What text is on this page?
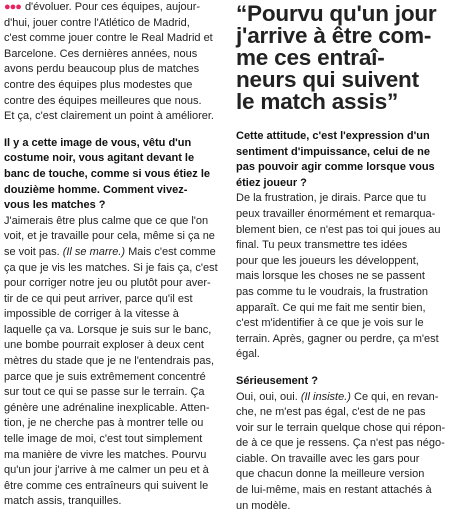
●●● d'évoluer. Pour ces équipes, aujour-
d'hui, jouer contre l'Atlético de Madrid,
c'est comme jouer contre le Real Madrid et
Barcelone. Ces dernières années, nous
avons perdu beaucoup plus de matches
contre des équipes plus modestes que
contre des équipes meilleures que nous.
Et ça, c'est clairement un point à améliorer.

Il y a cette image de vous, vêtu d'un
costume noir, vous agitant devant le
banc de touche, comme si vous étiez le
douzième homme. Comment vivez-
vous les matches ?

J'aimerais être plus calme que ce que l'on
voit, et je travaille pour cela, même si ça ne
se voit pas. (Il se marre.) Mais c'est comme
ça que je vis les matches. Si je fais ça, c'est
pour corriger notre jeu ou plutôt pour aver-
tir de ce qui peut arriver, parce qu'il est
impossible de corriger à la vitesse à
laquelle ça va. Lorsque je suis sur le banc,
une bombe pourrait exploser à deux cent
mètres du stade que je ne l'entendrais pas,
parce que je suis extrêmement concentré
sur tout ce qui se passe sur le terrain. Ça
génère une adrénaline inexplicable. Atten-
tion, je ne cherche pas à montrer telle ou
telle image de moi, c'est tout simplement
ma manière de vivre les matches. Pourvu
qu'un jour j'arrive à me calmer un peu et à
être comme ces entraîneurs qui suivent le
match assis, tranquilles.

“Pourvu qu'un jour
j'arrive à être com-
me ces entraî-
neurs qui suivent
le match assis”

Cette attitude, c'est l'expression d'un
sentiment d'impuissance, celui de ne
pas pouvoir agir comme lorsque vous
étiez joueur ?

De la frustration, je dirais. Parce que tu
peux travailler énormément et remarqua-
blement bien, ce n'est pas toi qui joues au
final. Tu peux transmettre tes idées
pour que les joueurs les développent,
mais lorsque les choses ne se passent
pas comme tu le voudrais, la frustration
apparaît. Ce qui me fait me sentir bien,
c'est m'identifier à ce que je vois sur le
terrain. Après, gagner ou perdre, ça m'est
égal.

Sérieusement ?

Oui, oui, oui. (Il insiste.) Ce qui, en revan-
che, ne m'est pas égal, c'est de ne pas
voir sur le terrain quelque chose qui répon-
de à ce que je ressens. Ça n'est pas négo-
ciable. On travaille avec les gars pour
que chacun donne la meilleure version
de lui-même, mais en restant attachés à
un modèle.
